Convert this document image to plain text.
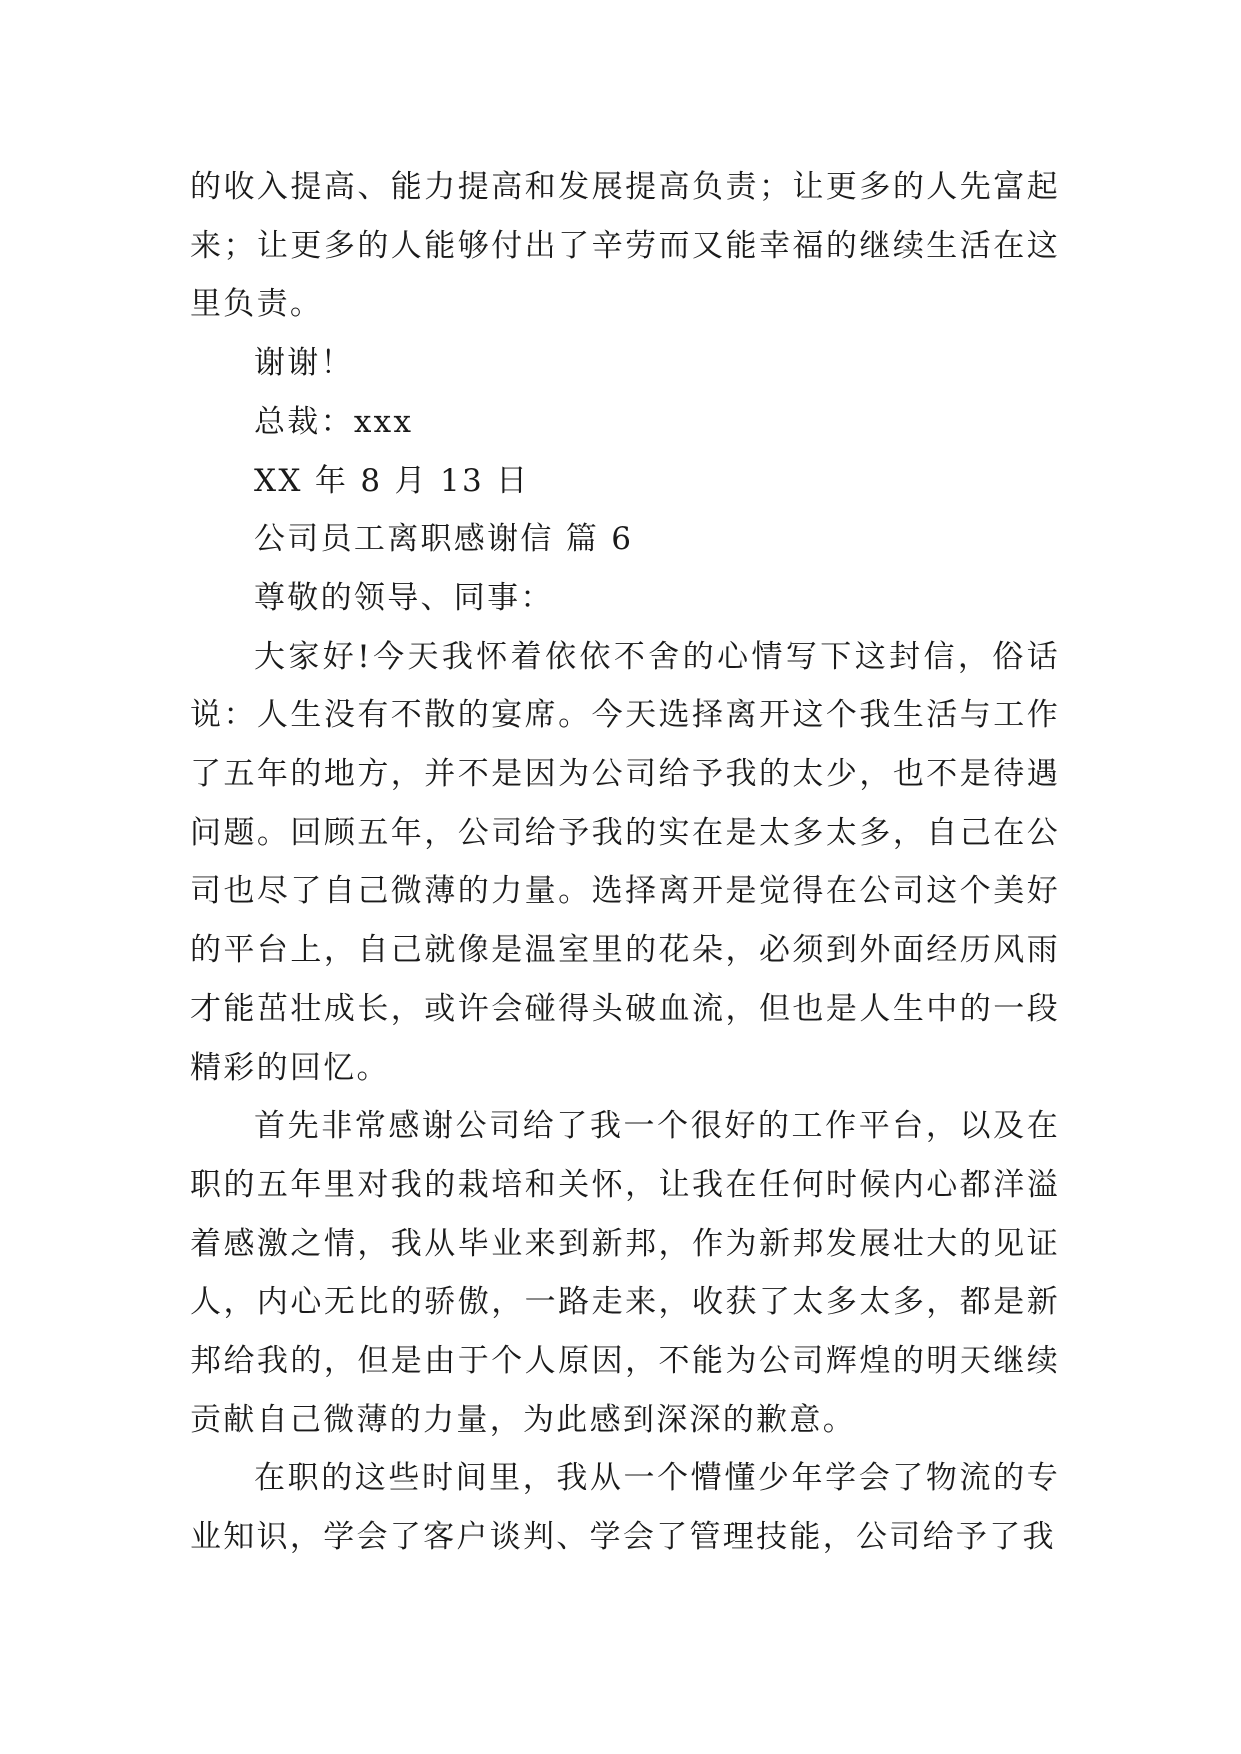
的收入提高、能力提高和发展提高负责；让更多的人先富起来；让更多的人能够付出了辛劳而又能幸福的继续生活在这里负责。

谢谢！

总裁：xxx

XX 年 8 月 13 日

公司员工离职感谢信 篇 6

尊敬的领导、同事：

大家好!今天我怀着依依不舍的心情写下这封信，俗话说：人生没有不散的宴席。今天选择离开这个我生活与工作了五年的地方，并不是因为公司给予我的太少，也不是待遇问题。回顾五年，公司给予我的实在是太多太多，自己在公司也尽了自己微薄的力量。选择离开是觉得在公司这个美好的平台上，自己就像是温室里的花朵，必须到外面经历风雨才能茁壮成长，或许会碰得头破血流，但也是人生中的一段精彩的回忆。

首先非常感谢公司给了我一个很好的工作平台，以及在职的五年里对我的栽培和关怀，让我在任何时候内心都洋溢着感激之情，我从毕业来到新邦，作为新邦发展壮大的见证人，内心无比的骄傲，一路走来，收获了太多太多，都是新邦给我的，但是由于个人原因，不能为公司辉煌的明天继续贡献自己微薄的力量，为此感到深深的歉意。

在职的这些时间里，我从一个懵懂少年学会了物流的专业知识，学会了客户谈判、学会了管理技能，公司给予了我
